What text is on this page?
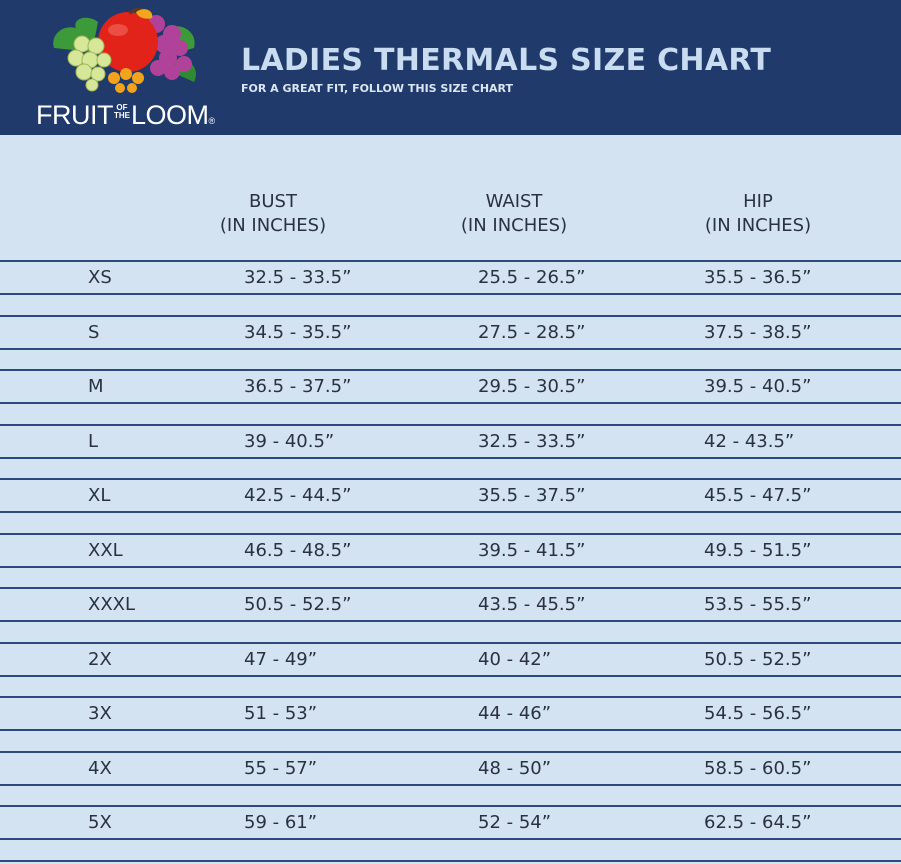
FRUIT OF
THE LOOM®
LADIES THERMALS SIZE CHART
FOR A GREAT FIT, FOLLOW THIS SIZE CHART
BUST
(IN INCHES)
WAIST
(IN INCHES)
HIP
(IN INCHES)
XS	32.5 - 33.5”	25.5 - 26.5”	35.5 - 36.5”
S	34.5 - 35.5”	27.5 - 28.5”	37.5 - 38.5”
M	36.5 - 37.5”	29.5 - 30.5”	39.5 - 40.5”
L	39 - 40.5”	32.5 - 33.5”	42 - 43.5”
XL	42.5 - 44.5”	35.5 - 37.5”	45.5 - 47.5”
XXL	46.5 - 48.5”	39.5 - 41.5”	49.5 - 51.5”
XXXL	50.5 - 52.5”	43.5 - 45.5”	53.5 - 55.5”
2X	47 - 49”	40 - 42”	50.5 - 52.5”
3X	51 - 53”	44 - 46”	54.5 - 56.5”
4X	55 - 57”	48 - 50”	58.5 - 60.5”
5X	59 - 61”	52 - 54”	62.5 - 64.5”
